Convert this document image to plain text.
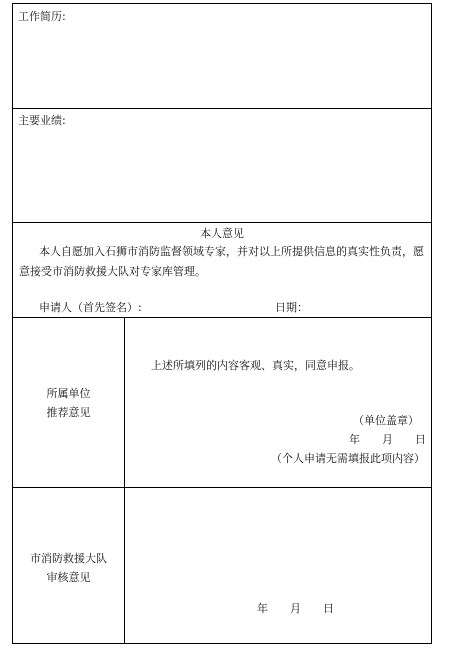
工作简历:
主要业绩:
本人意见
本人自愿加入石狮市消防监督领域专家，并对以上所提供信息的真实性负责，愿意接受市消防救援大队对专家库管理。
申请人（首先签名）:	日期：
所属单位
推荐意见
上述所填列的内容客观、真实，同意申报。
（单位盖章）
年　　月　　日
（个人申请无需填报此项内容）
市消防救援大队
审核意见
年　　月　　日
